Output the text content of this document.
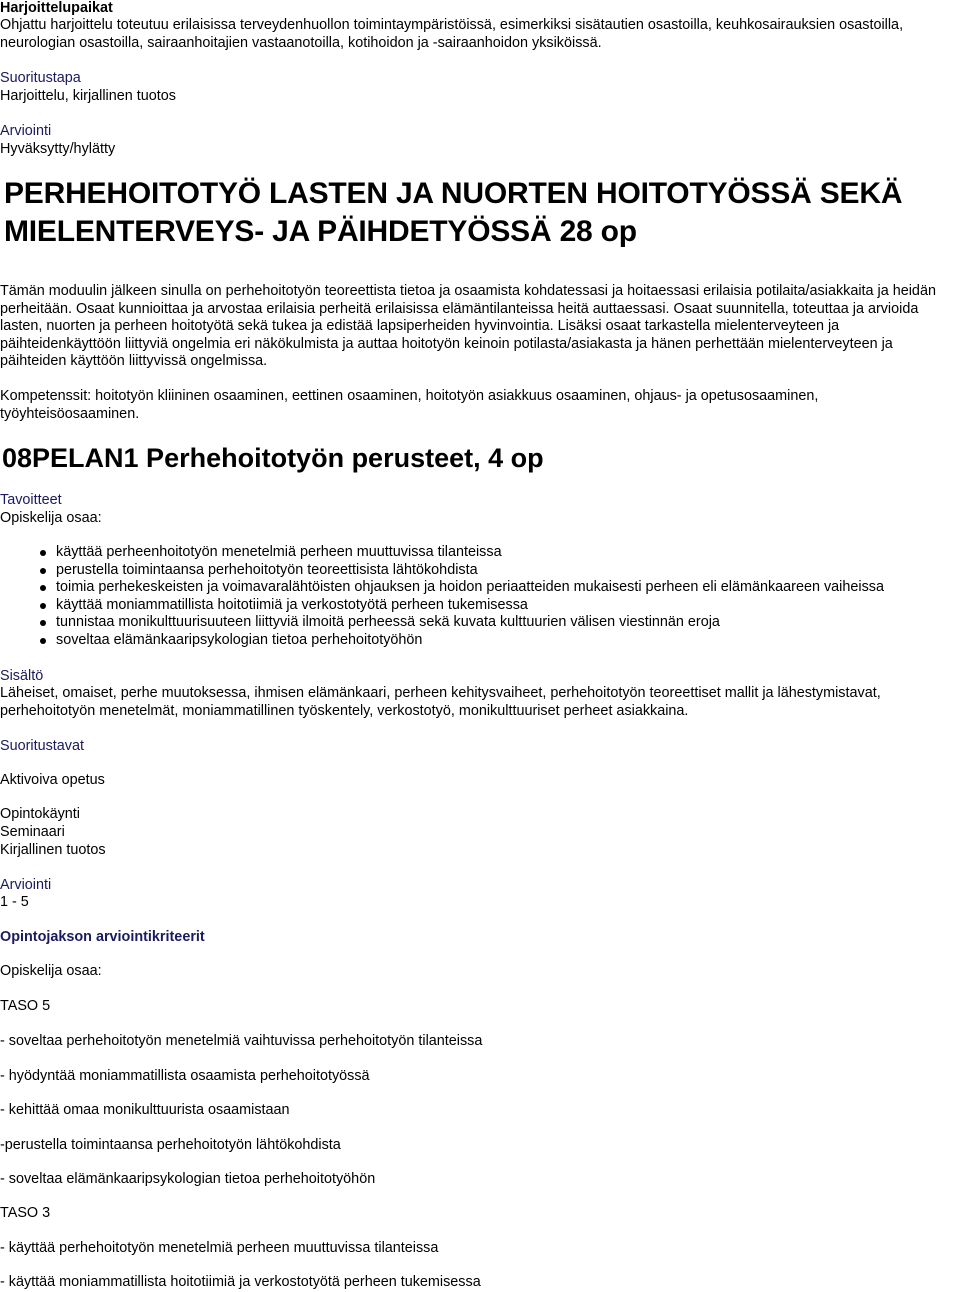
Harjoittelupaikat

Ohjattu harjoittelu toteutuu erilaisissa terveydenhuollon toimintaympäristöissä, esimerkiksi sisätautien osastoilla, keuhkosairauksien osastoilla, neurologian osastoilla, sairaanhoitajien vastaanotoilla, kotihoidon ja -sairaanhoidon yksiköissä.

Suoritustapa

Harjoittelu, kirjallinen tuotos

Arviointi

Hyväksytty/hylätty

PERHEHOITOTYÖ LASTEN JA NUORTEN HOITOTYÖSSÄ SEKÄ
MIELENTERVEYS- JA PÄIHDETYÖSSÄ 28 op

Tämän moduulin jälkeen sinulla on perhehoitotyön teoreettista tietoa ja osaamista kohdatessasi ja hoitaessasi erilaisia potilaita/asiakkaita ja heidän perheitään. Osaat kunnioittaa ja arvostaa erilaisia perheitä erilaisissa elämäntilanteissa heitä auttaessasi. Osaat suunnitella, toteuttaa ja arvioida lasten, nuorten ja perheen hoitotyötä sekä tukea ja edistää lapsiperheiden hyvinvointia. Lisäksi osaat tarkastella mielenterveyteen ja päihteidenkäyttöön liittyviä ongelmia eri näkökulmista ja auttaa hoitotyön keinoin potilasta/asiakasta ja hänen perhettään mielenterveyteen ja päihteiden käyttöön liittyvissä ongelmissa.

Kompetenssit: hoitotyön kliininen osaaminen, eettinen osaaminen, hoitotyön asiakkuus osaaminen, ohjaus- ja opetusosaaminen, työyhteisöosaaminen.

08PELAN1 Perhehoitotyön perusteet, 4 op

Tavoitteet

Opiskelija osaa:

käyttää perheenhoitotyön menetelmiä perheen muuttuvissa tilanteissa
perustella toimintaansa perhehoitotyön teoreettisista lähtökohdista
toimia perhekeskeisten ja voimavaralähtöisten ohjauksen ja hoidon periaatteiden mukaisesti perheen eli elämänkaareen vaiheissa
käyttää moniammatillista hoitotiimiä ja verkostotyötä perheen tukemisessa
tunnistaa monikulttuurisuuteen liittyviä ilmoitä perheessä sekä kuvata kulttuurien välisen viestinnän eroja
soveltaa elämänkaaripsykologian tietoa perhehoitotyöhön

Sisältö

Läheiset, omaiset, perhe muutoksessa, ihmisen elämänkaari, perheen kehitysvaiheet, perhehoitotyön teoreettiset mallit ja lähestymistavat, perhehoitotyön menetelmät, moniammatillinen työskentely, verkostotyö, monikulttuuriset perheet asiakkaina.

Suoritustavat

Aktivoiva opetus

Opintokäynti

Seminaari

Kirjallinen tuotos

Arviointi

1 - 5

Opintojakson arviointikriteerit

Opiskelija osaa:

TASO 5

- soveltaa perhehoitotyön menetelmiä vaihtuvissa perhehoitotyön tilanteissa

- hyödyntää moniammatillista osaamista perhehoitotyössä

- kehittää omaa monikulttuurista osaamistaan

-perustella toimintaansa perhehoitotyön lähtökohdista

- soveltaa elämänkaaripsykologian tietoa perhehoitotyöhön

TASO 3

- käyttää perhehoitotyön menetelmiä perheen muuttuvissa tilanteissa

- käyttää moniammatillista hoitotiimiä ja verkostotyötä perheen tukemisessa
